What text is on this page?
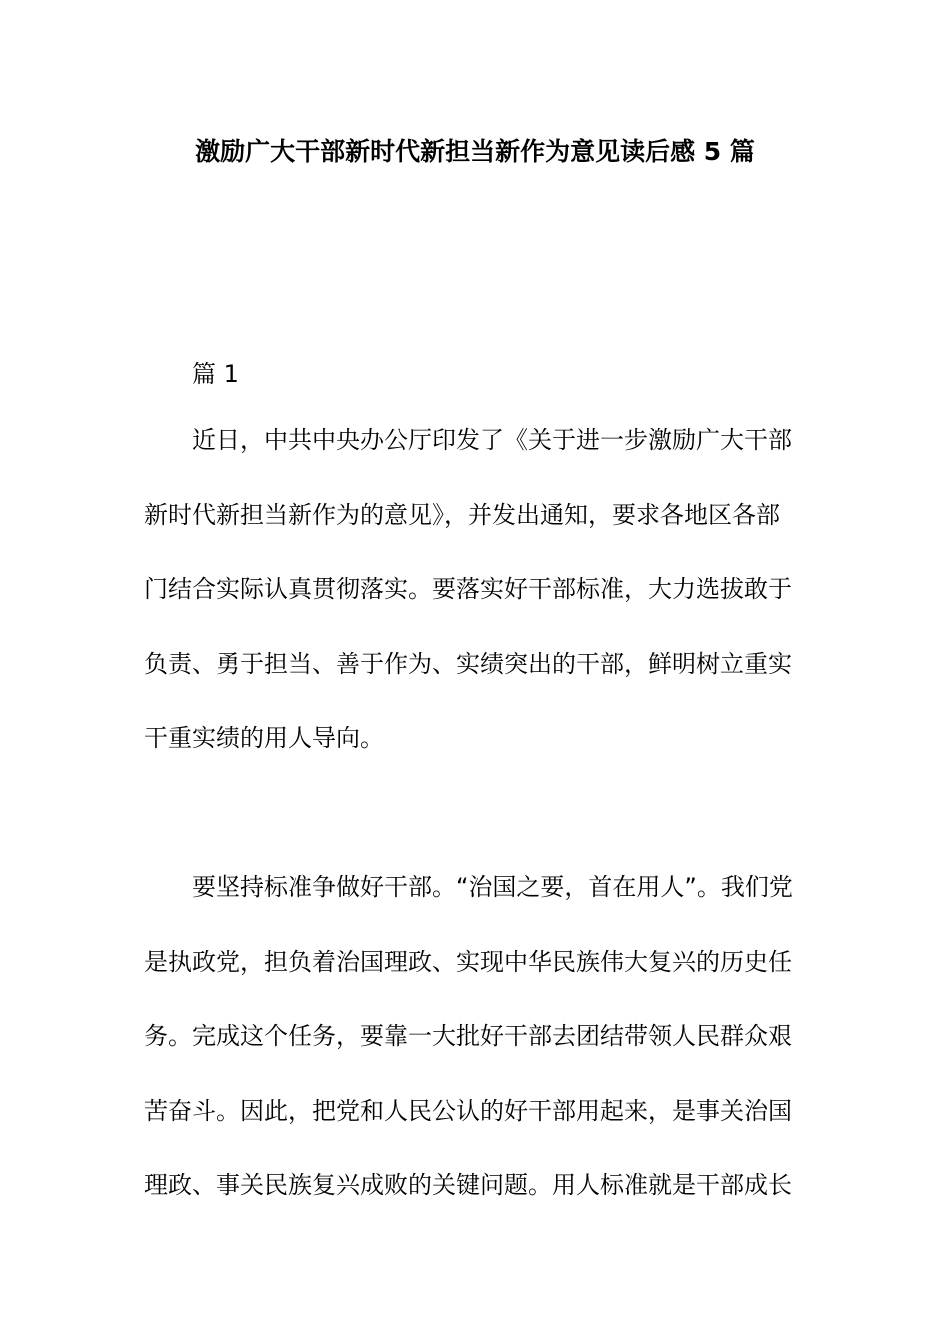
激励广大干部新时代新担当新作为意见读后感 5 篇
篇 1
近日，中共中央办公厅印发了《关于进一步激励广大干部
新时代新担当新作为的意见》，并发出通知，要求各地区各部
门结合实际认真贯彻落实。要落实好干部标准，大力选拔敢于
负责、勇于担当、善于作为、实绩突出的干部，鲜明树立重实
干重实绩的用人导向。
要坚持标准争做好干部。“治国之要，首在用人”。我们党
是执政党，担负着治国理政、实现中华民族伟大复兴的历史任
务。完成这个任务，要靠一大批好干部去团结带领人民群众艰
苦奋斗。因此，把党和人民公认的好干部用起来，是事关治国
理政、事关民族复兴成败的关键问题。用人标准就是干部成长
